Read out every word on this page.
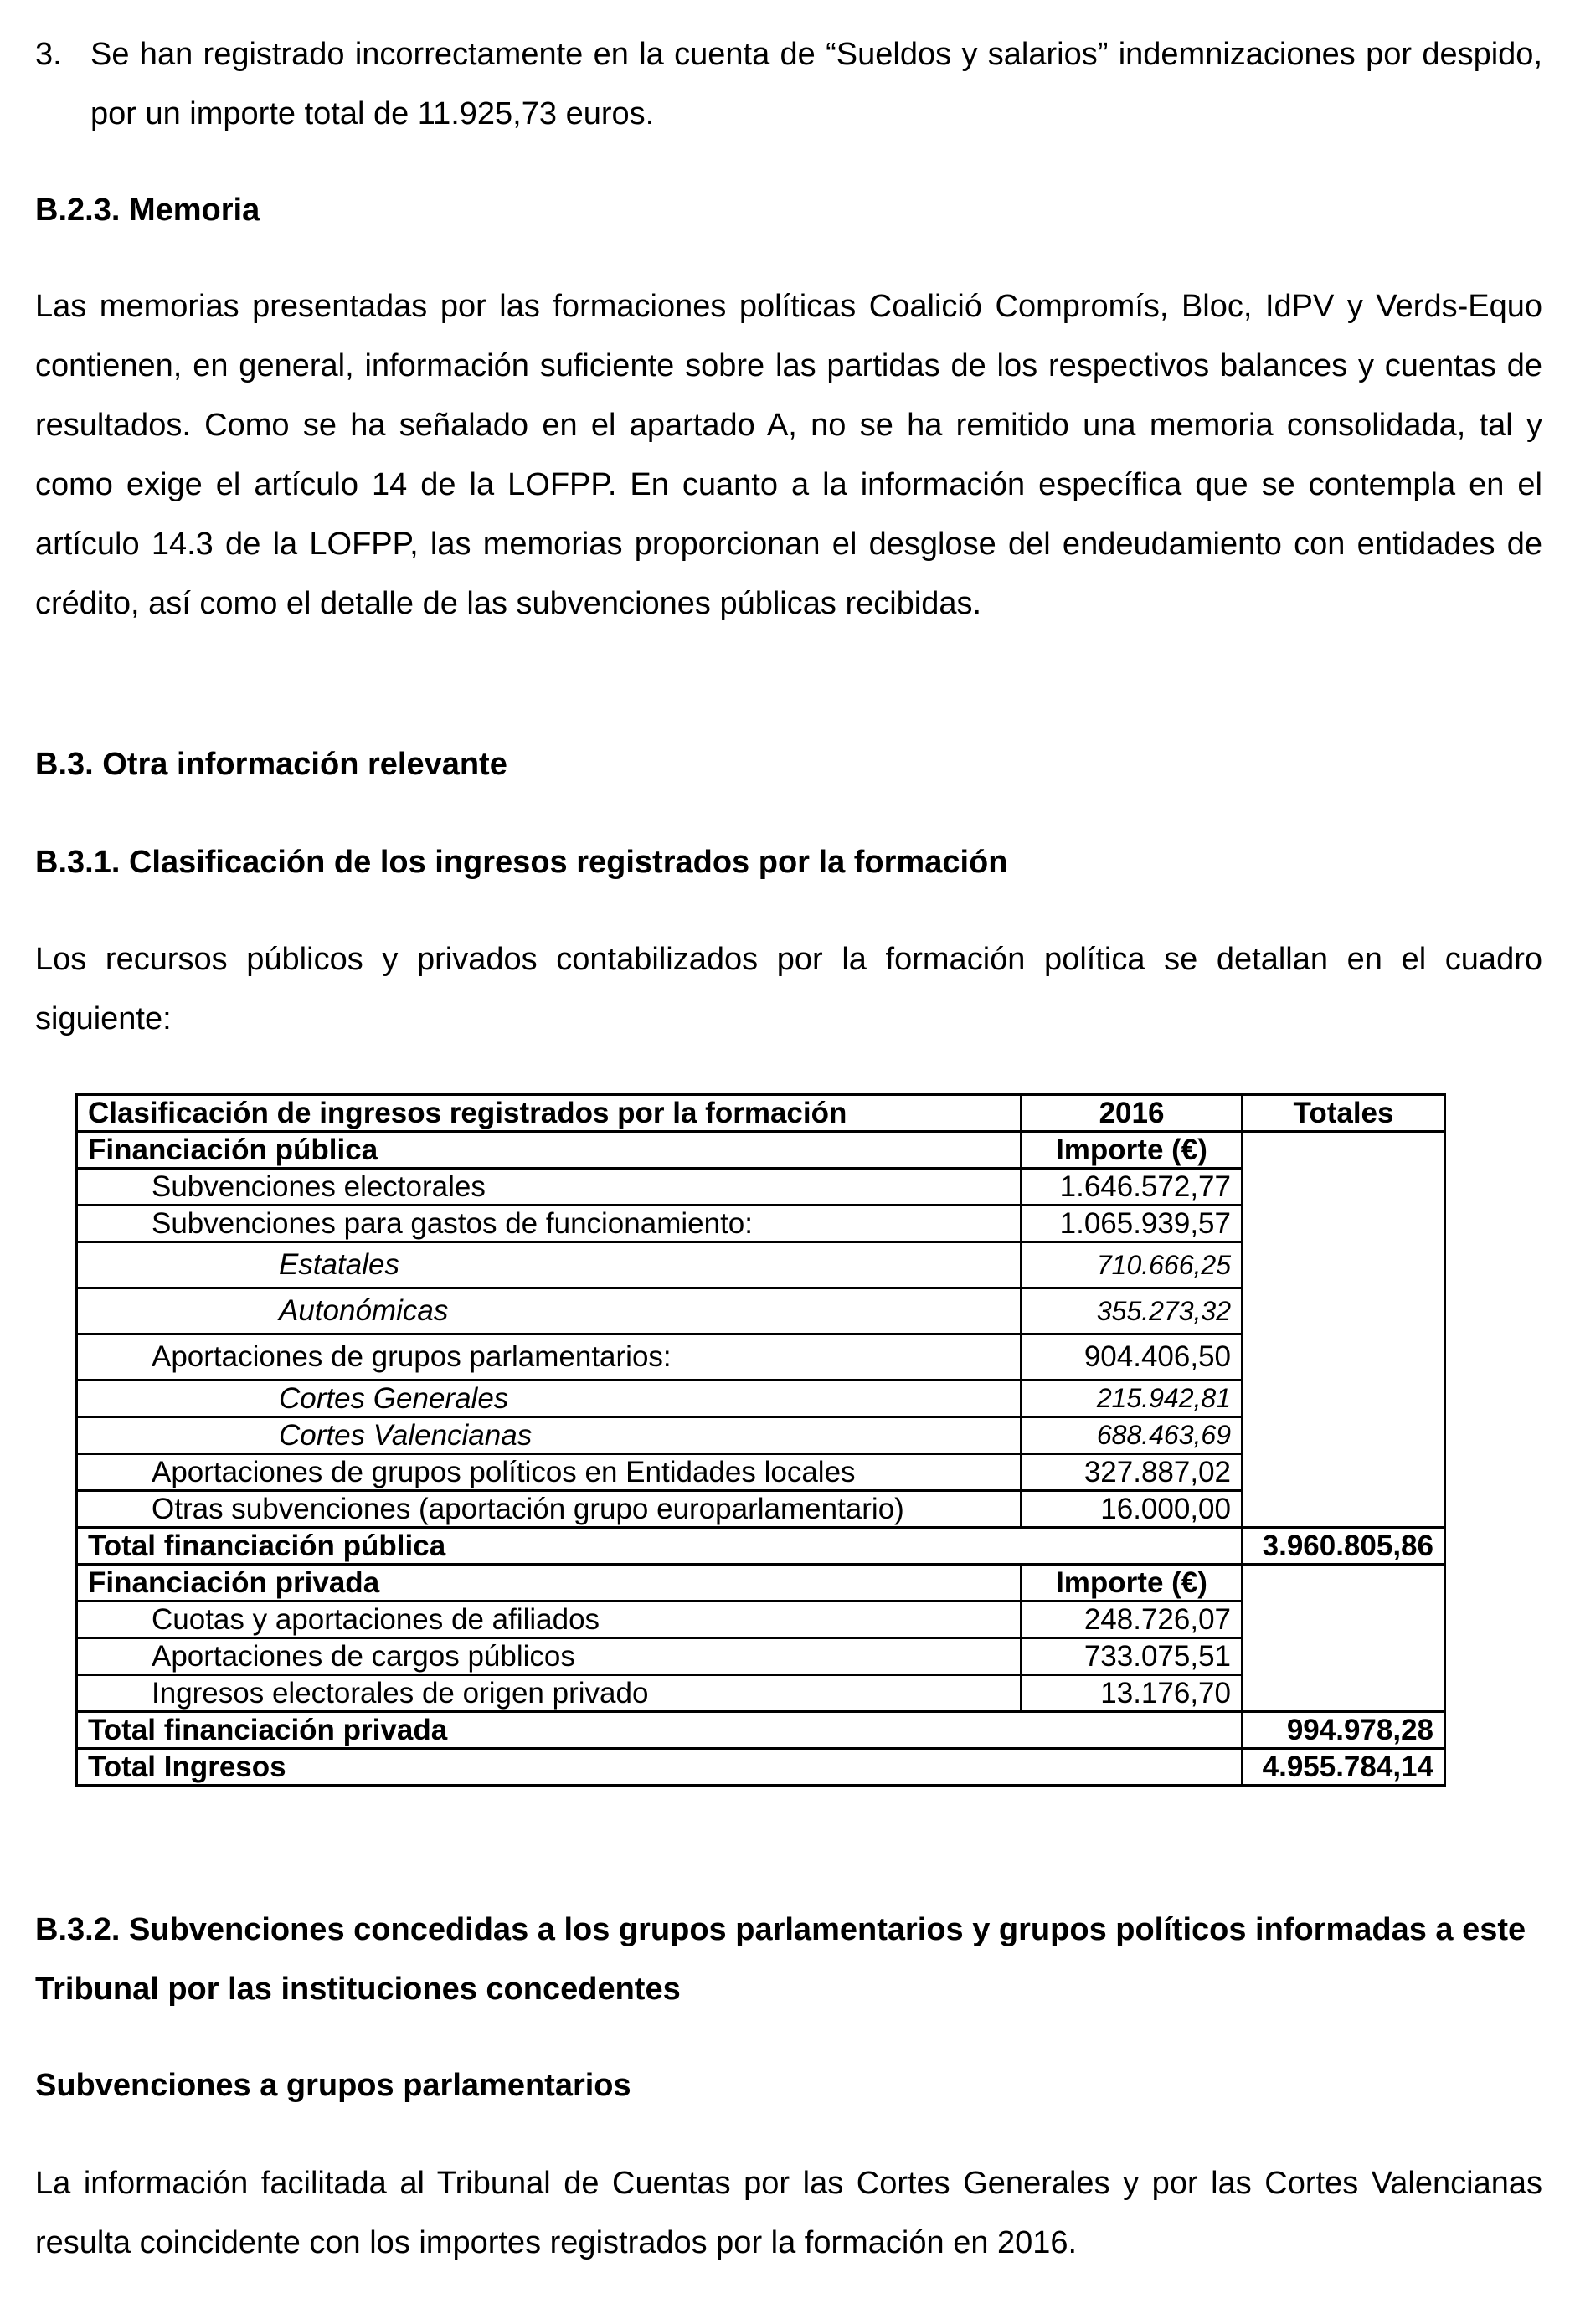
3. Se han registrado incorrectamente en la cuenta de “Sueldos y salarios” indemnizaciones por despido, por un importe total de 11.925,73 euros.

B.2.3. Memoria

Las memorias presentadas por las formaciones políticas Coalició Compromís, Bloc, IdPV y Verds-Equo contienen, en general, información suficiente sobre las partidas de los respectivos balances y cuentas de resultados. Como se ha señalado en el apartado A, no se ha remitido una memoria consolidada, tal y como exige el artículo 14 de la LOFPP. En cuanto a la información específica que se contempla en el artículo 14.3 de la LOFPP, las memorias proporcionan el desglose del endeudamiento con entidades de crédito, así como el detalle de las subvenciones públicas recibidas.

B.3. Otra información relevante

B.3.1. Clasificación de los ingresos registrados por la formación

Los recursos públicos y privados contabilizados por la formación política se detallan en el cuadro siguiente:

B.3.2. Subvenciones concedidas a los grupos parlamentarios y grupos políticos informadas a este Tribunal por las instituciones concedentes

Subvenciones a grupos parlamentarios

La información facilitada al Tribunal de Cuentas por las Cortes Generales y por las Cortes Valencianas resulta coincidente con los importes registrados por la formación en 2016.

Clasificación de ingresos registrados por la formación	2016	Totales
Financiación pública	Importe (€)	
Subvenciones electorales	1.646.572,77	
Subvenciones para gastos de funcionamiento:	1.065.939,57	
Estatales	710.666,25	
Autonómicas	355.273,32	
Aportaciones de grupos parlamentarios:	904.406,50	
Cortes Generales	215.942,81	
Cortes Valencianas	688.463,69	
Aportaciones de grupos políticos en Entidades locales	327.887,02	
Otras subvenciones (aportación grupo europarlamentario)	16.000,00	
Total financiación pública		3.960.805,86
Financiación privada	Importe (€)	
Cuotas y aportaciones de afiliados	248.726,07	
Aportaciones de cargos públicos	733.075,51	
Ingresos electorales de origen privado	13.176,70	
Total financiación privada		994.978,28
Total Ingresos		4.955.784,14
